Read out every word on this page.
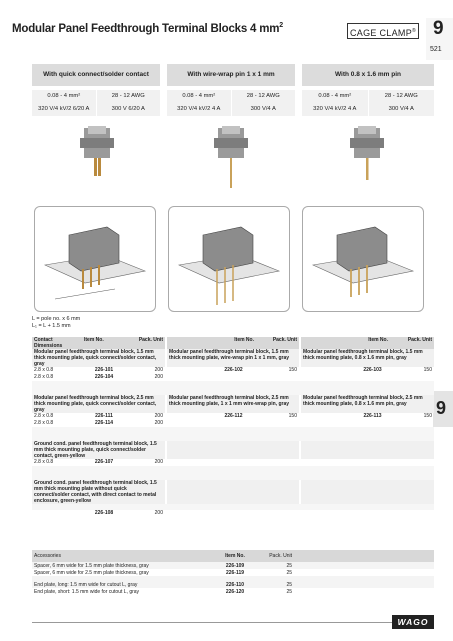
Modular Panel Feedthrough Terminal Blocks 4 $mm^2$
CAGE CLAMP® 9
521
9
With quick connect/solder contact
0.08 - 4 mm²	28 - 12 AWG
320 V/4 kV/2 6/20 A	300 V 6/20 A
With wire-wrap pin 1 x 1 mm
0.08 - 4 mm²	28 - 12 AWG
320 V/4 kV/2 4 A	300 V/4 A
With 0.8 x 1.6 mm pin
0.08 - 4 mm²	28 - 12 AWG
320 V/4 kV/2 4 A	300 V/4 A
L = pole no. x 6 mm
L₁ = L + 1.5 mm
Contact
Dimensions	Item No.	Pack. Unit		Item No.	Pack. Unit		Item No.	Pack. Unit
Modular panel feedthrough terminal block, 1.5 mm thick mounting plate, quick connect/solder contact, gray			Modular panel feedthrough terminal block, 1.5 mm thick mounting plate, wire-wrap pin 1 x 1 mm, gray			Modular panel feedthrough terminal block, 1.5 mm thick mounting plate, 0.8 x 1.6 mm pin, gray		
2.8 x 0.8	226-101	200		226-102	150		226-103	150
2.8 x 0.8	226-104	200						

Modular panel feedthrough terminal block, 2.5 mm thick mounting plate, quick connect/solder contact, gray			Modular panel feedthrough terminal block, 2.5 mm thick mounting plate, 1 x 1 mm wire-wrap pin, gray			Modular panel feedthrough terminal block, 2.5 mm thick mounting plate, 0.8 x 1.6 mm pin, gray		
2.8 x 0.8	226-111	200		226-112	150		226-113	150
2.8 x 0.8	226-114	200						

Ground cond. panel feedthrough terminal block, 1.5 mm thick mounting plate, quick connect/solder contact, green-yellow								
2.8 x 0.8	226-107	200						

Ground cond. panel feedthrough terminal block, 1.5 mm thick mounting plate without quick connect/solder contact, with direct contact to metal enclosure, green-yellow								

	226-108	200						
Accessories	Item No.	Pack. Unit	
Spacer, 6 mm wide for 1.5 mm plate thickness, gray	226-109	25	
Spacer, 6 mm wide for 2.5 mm plate thickness, gray	226-119	25	

End plate, long: 1.5 mm wide for cutout L, gray	226-110	25	
End plate, short: 1.5 mm wide for cutout L, gray	226-120	25	
WAGO
